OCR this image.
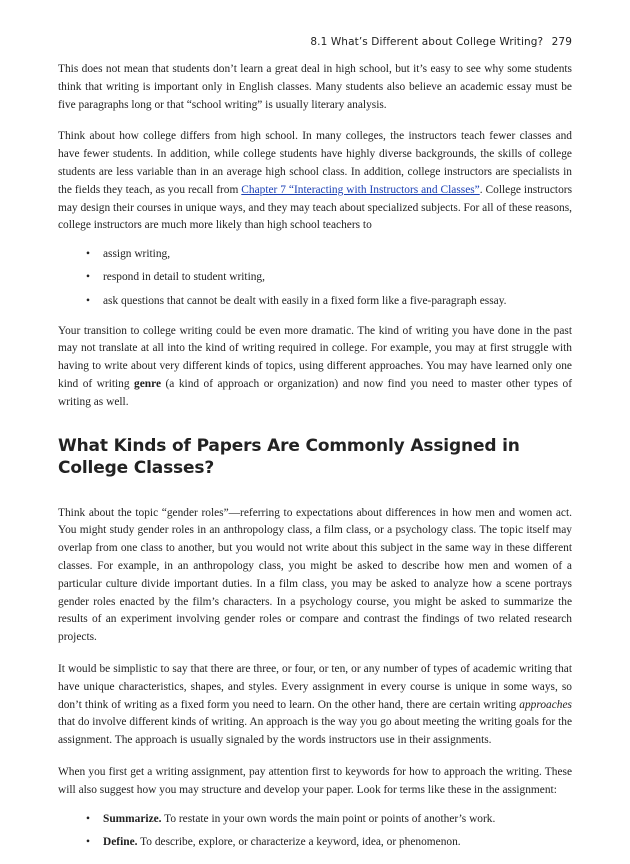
8.1 What’s Different about College Writing? 279

This does not mean that students don’t learn a great deal in high school, but it’s easy to see why some students think that writing is important only in English classes. Many students also believe an academic essay must be five paragraphs long or that “school writing” is usually literary analysis.

Think about how college differs from high school. In many colleges, the instructors teach fewer classes and have fewer students. In addition, while college students have highly diverse backgrounds, the skills of college students are less variable than in an average high school class. In addition, college instructors are specialists in the fields they teach, as you recall from Chapter 7 “Interacting with Instructors and Classes”. College instructors may design their courses in unique ways, and they may teach about specialized subjects. For all of these reasons, college instructors are much more likely than high school teachers to

• assign writing,
• respond in detail to student writing,
• ask questions that cannot be dealt with easily in a fixed form like a five-paragraph essay.

Your transition to college writing could be even more dramatic. The kind of writing you have done in the past may not translate at all into the kind of writing required in college. For example, you may at first struggle with having to write about very different kinds of topics, using different approaches. You may have learned only one kind of writing genre (a kind of approach or organization) and now find you need to master other types of writing as well.

What Kinds of Papers Are Commonly Assigned in College Classes?

Think about the topic “gender roles”—referring to expectations about differences in how men and women act. You might study gender roles in an anthropology class, a film class, or a psychology class. The topic itself may overlap from one class to another, but you would not write about this subject in the same way in these different classes. For example, in an anthropology class, you might be asked to describe how men and women of a particular culture divide important duties. In a film class, you may be asked to analyze how a scene portrays gender roles enacted by the film’s characters. In a psychology course, you might be asked to summarize the results of an experiment involving gender roles or compare and contrast the findings of two related research projects.

It would be simplistic to say that there are three, or four, or ten, or any number of types of academic writing that have unique characteristics, shapes, and styles. Every assignment in every course is unique in some ways, so don’t think of writing as a fixed form you need to learn. On the other hand, there are certain writing approaches that do involve different kinds of writing. An approach is the way you go about meeting the writing goals for the assignment. The approach is usually signaled by the words instructors use in their assignments.

When you first get a writing assignment, pay attention first to keywords for how to approach the writing. These will also suggest how you may structure and develop your paper. Look for terms like these in the assignment:

• Summarize. To restate in your own words the main point or points of another’s work.
• Define. To describe, explore, or characterize a keyword, idea, or phenomenon.
